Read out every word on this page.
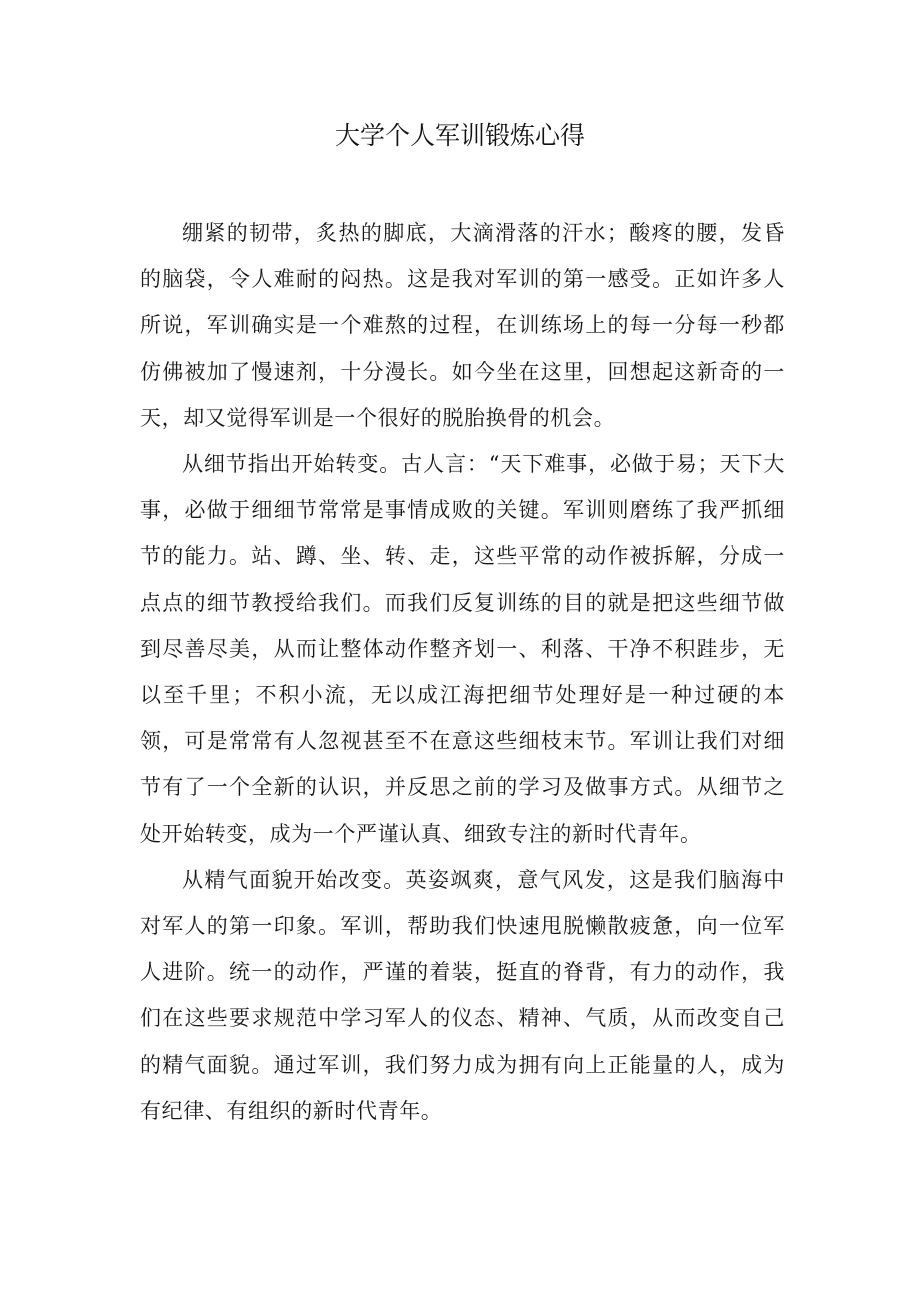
大学个人军训锻炼心得

绷紧的韧带，炙热的脚底，大滴滑落的汗水；酸疼的腰，发昏的脑袋，令人难耐的闷热。这是我对军训的第一感受。正如许多人所说，军训确实是一个难熬的过程，在训练场上的每一分每一秒都仿佛被加了慢速剂，十分漫长。如今坐在这里，回想起这新奇的一天，却又觉得军训是一个很好的脱胎换骨的机会。

从细节指出开始转变。古人言：“天下难事，必做于易；天下大事，必做于细细节常常是事情成败的关键。军训则磨练了我严抓细节的能力。站、蹲、坐、转、走，这些平常的动作被拆解，分成一点点的细节教授给我们。而我们反复训练的目的就是把这些细节做到尽善尽美，从而让整体动作整齐划一、利落、干净不积跬步，无以至千里；不积小流，无以成江海把细节处理好是一种过硬的本领，可是常常有人忽视甚至不在意这些细枝末节。军训让我们对细节有了一个全新的认识，并反思之前的学习及做事方式。从细节之处开始转变，成为一个严谨认真、细致专注的新时代青年。

从精气面貌开始改变。英姿飒爽，意气风发，这是我们脑海中对军人的第一印象。军训，帮助我们快速甩脱懒散疲惫，向一位军人进阶。统一的动作，严谨的着装，挺直的脊背，有力的动作，我们在这些要求规范中学习军人的仪态、精神、气质，从而改变自己的精气面貌。通过军训，我们努力成为拥有向上正能量的人，成为有纪律、有组织的新时代青年。
